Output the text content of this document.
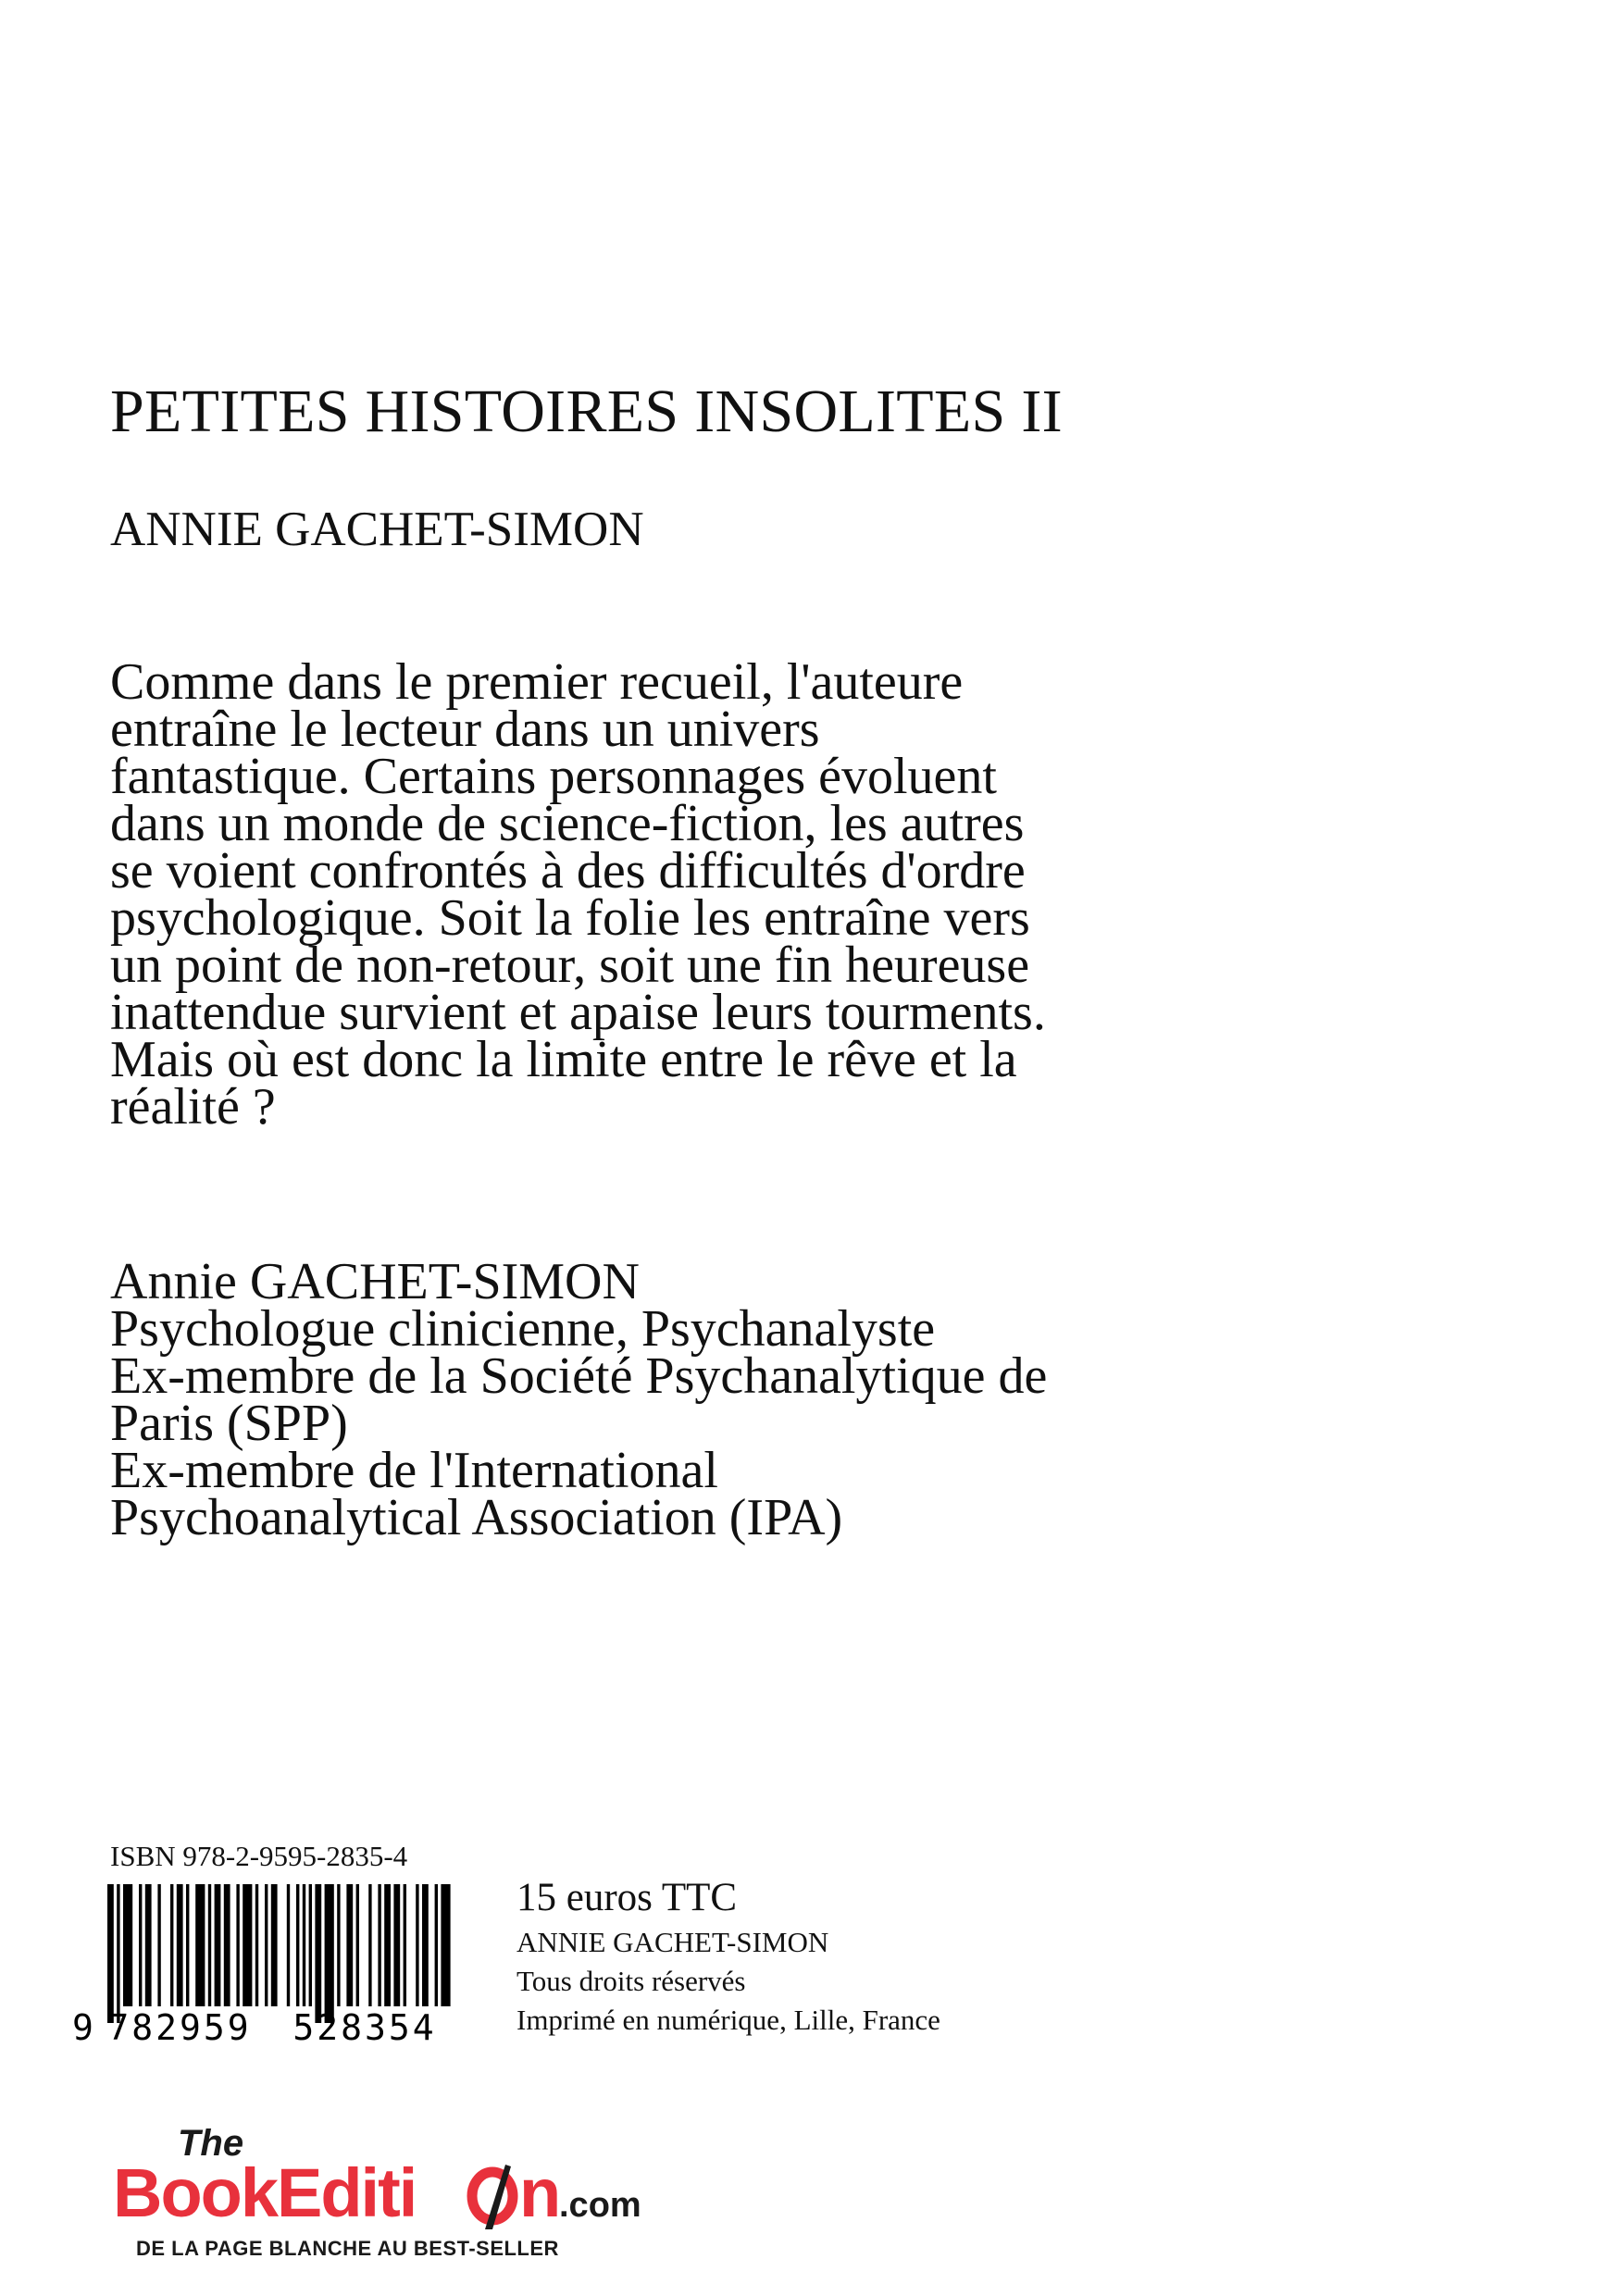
PETITES HISTOIRES INSOLITES II
ANNIE GACHET-SIMON
Comme dans le premier recueil, l'auteure
entraîne le lecteur dans un univers
fantastique. Certains personnages évoluent
dans un monde de science-fiction, les autres
se voient confrontés à des difficultés d'ordre
psychologique. Soit la folie les entraîne vers
un point de non-retour, soit une fin heureuse
inattendue survient et apaise leurs tourments.
Mais où est donc la limite entre le rêve et la
réalité ?
Annie GACHET-SIMON
Psychologue clinicienne, Psychanalyste
Ex-membre de la Société Psychanalytique de
Paris (SPP)
Ex-membre de l'International
Psychoanalytical Association (IPA)
ISBN 978-2-9595-2835-4
9 782959 528354
15 euros TTC
ANNIE GACHET-SIMON
Tous droits réservés
Imprimé en numérique, Lille, France
The
BookEditi n
.com
DE LA PAGE BLANCHE AU BEST-SELLER
